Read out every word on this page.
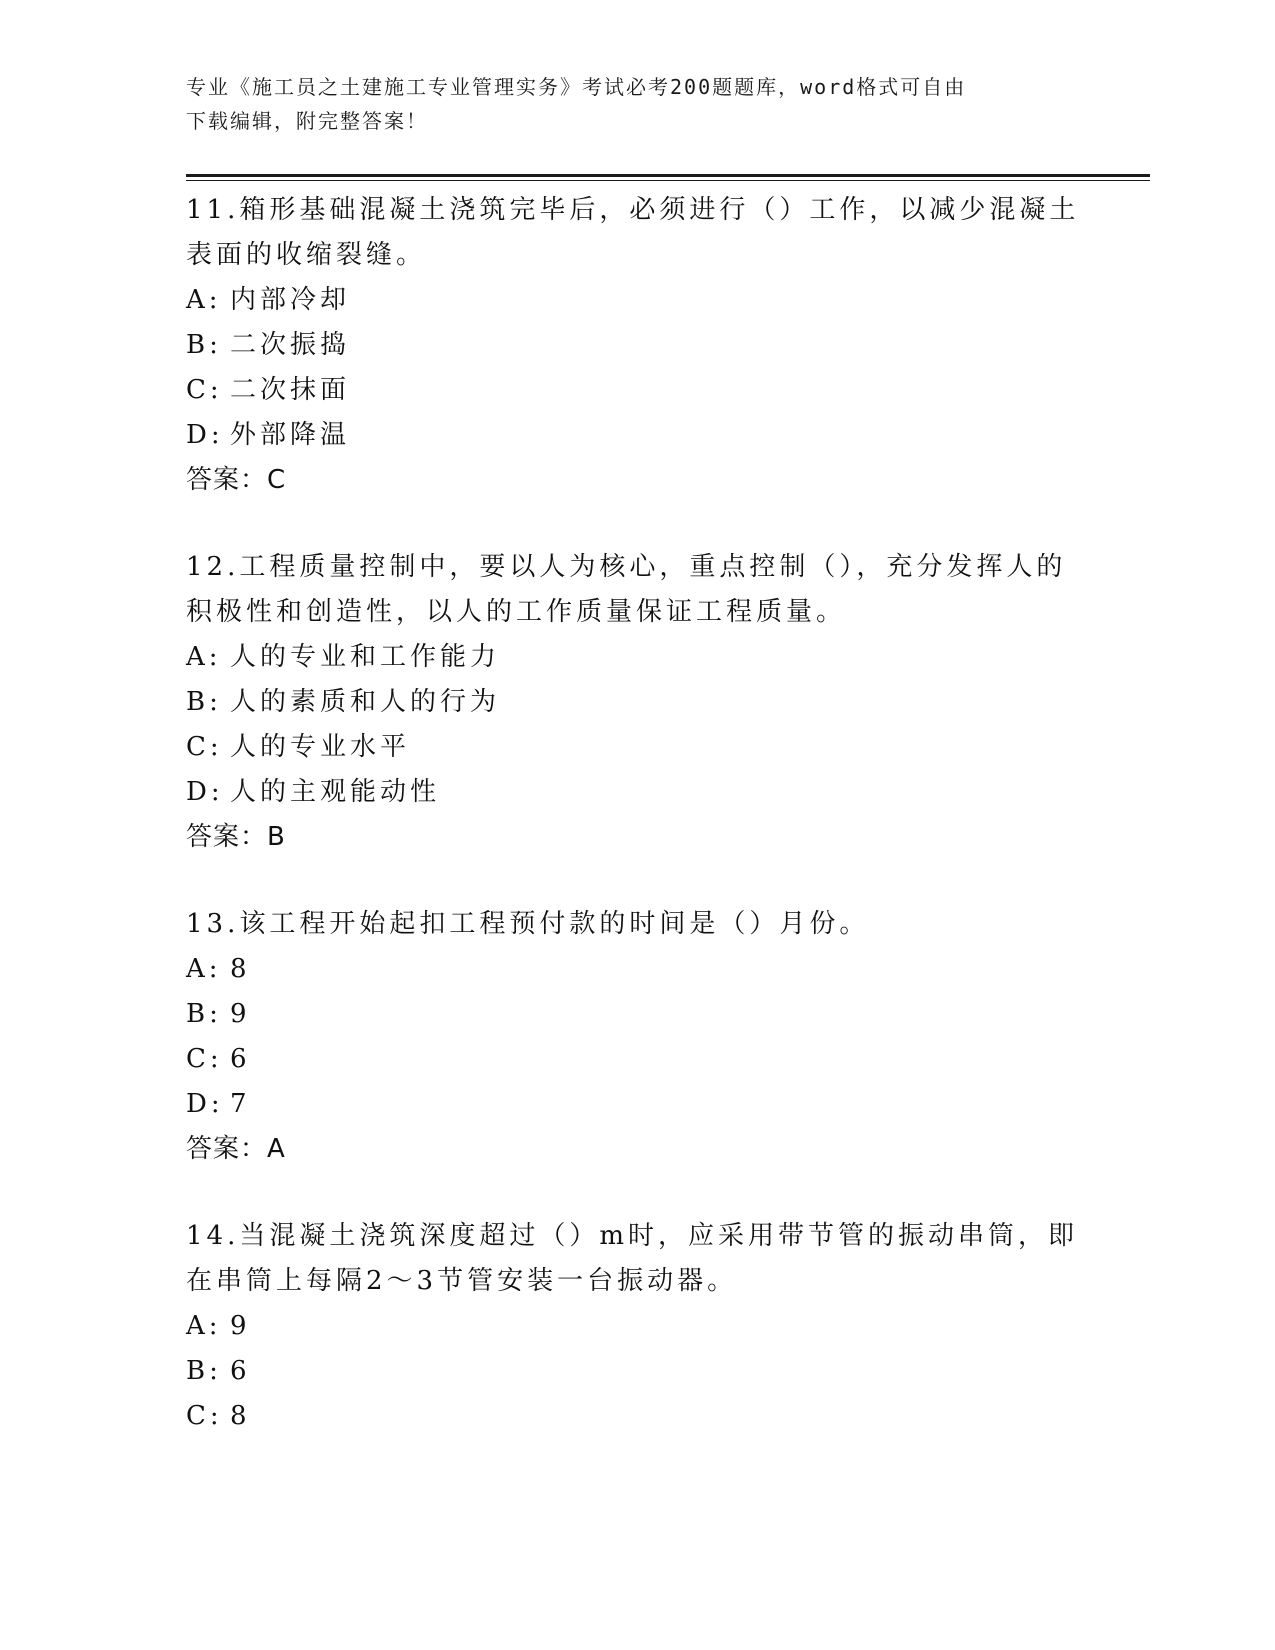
专业《施工员之土建施工专业管理实务》考试必考200题题库，word格式可自由
下载编辑，附完整答案！

11.箱形基础混凝土浇筑完毕后，必须进行（）工作，以减少混凝土表面的收缩裂缝。

A: 内部冷却

B: 二次振捣

C: 二次抹面

D: 外部降温

答案：C

12.工程质量控制中，要以人为核心，重点控制（），充分发挥人的积极性和创造性，以人的工作质量保证工程质量。

A: 人的专业和工作能力

B: 人的素质和人的行为

C: 人的专业水平

D: 人的主观能动性

答案：B

13.该工程开始起扣工程预付款的时间是（）月份。

A: 8

B: 9

C: 6

D: 7

答案：A

14.当混凝土浇筑深度超过（）m时，应采用带节管的振动串筒，即在串筒上每隔2～3节管安装一台振动器。

A: 9

B: 6

C: 8
